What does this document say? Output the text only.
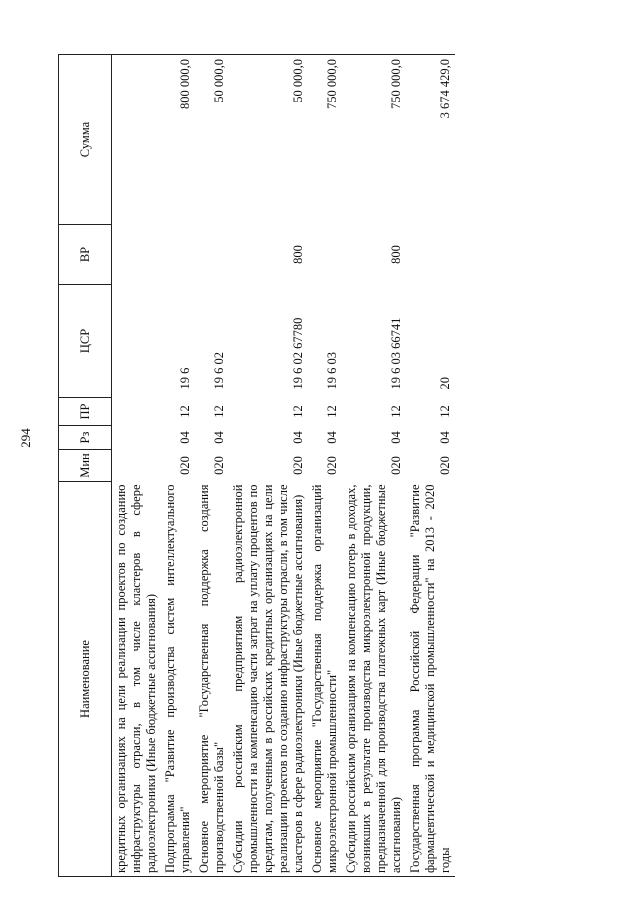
294
Наименование	Мин	Рз	ПР	ЦСР	ВР	Сумма
кредитных организациях на цели реализации проектов по созданию инфраструктуры отрасли, в том числе кластеров в сфере радиоэлектроники (Иные бюджетные ассигнования)						
Подпрограмма "Развитие производства систем интеллектуального управления"	020	04	12	19 6		800 000,0
Основное мероприятие "Государственная поддержка создания производственной базы"	020	04	12	19 6 02		50 000,0
Субсидии российским предприятиям радиоэлектронной промышленности на компенсацию части затрат на уплату процентов по кредитам, полученным в российских кредитных организациях на цели реализации проектов по созданию инфраструктуры отрасли, в том числе кластеров в сфере радиоэлектроники (Иные бюджетные ассигнования)	020	04	12	19 6 02 67780	800	50 000,0
Основное мероприятие "Государственная поддержка организаций микроэлектронной промышленности"	020	04	12	19 6 03		750 000,0
Субсидии российским организациям на компенсацию потерь в доходах, возникших в результате производства микроэлектронной продукции, предназначенной для производства платежных карт (Иные бюджетные ассигнования)	020	04	12	19 6 03 66741	800	750 000,0
Государственная программа Российской Федерации "Развитие фармацевтической и медицинской промышленности" на 2013 - 2020 годы	020	04	12	20		3 674 429,0
